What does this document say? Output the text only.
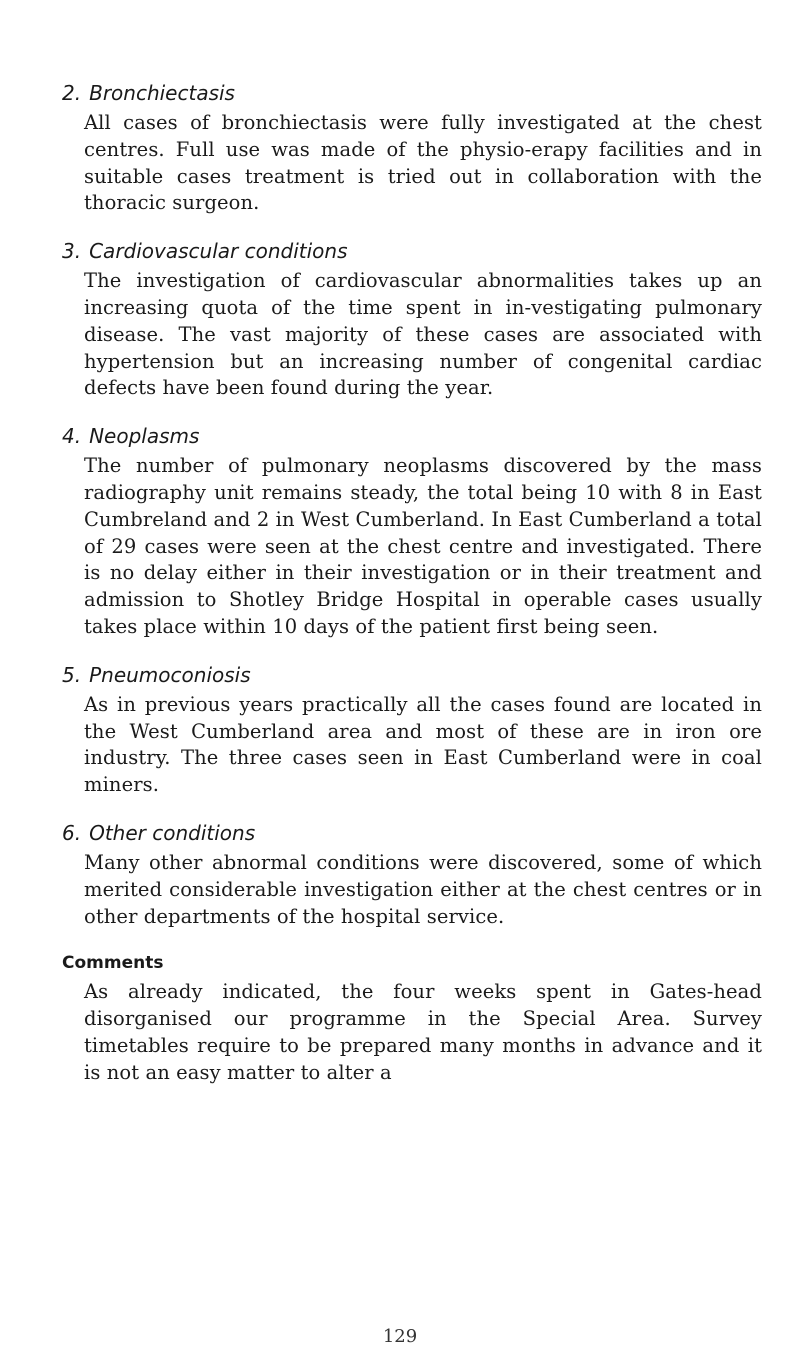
2. Bronchiectasis

All cases of bronchiectasis were fully investigated at the chest centres. Full use was made of the physio-erapy facilities and in suitable cases treatment is tried out in collaboration with the thoracic surgeon.

3. Cardiovascular conditions

The investigation of cardiovascular abnormalities takes up an increasing quota of the time spent in in-vestigating pulmonary disease. The vast majority of these cases are associated with hypertension but an increasing number of congenital cardiac defects have been found during the year.

4. Neoplasms

The number of pulmonary neoplasms discovered by the mass radiography unit remains steady, the total being 10 with 8 in East Cumbreland and 2 in West Cumberland. In East Cumberland a total of 29 cases were seen at the chest centre and investigated. There is no delay either in their investigation or in their treatment and admission to Shotley Bridge Hospital in operable cases usually takes place within 10 days of the patient first being seen.

5. Pneumoconiosis

As in previous years practically all the cases found are located in the West Cumberland area and most of these are in iron ore industry. The three cases seen in East Cumberland were in coal miners.

6. Other conditions

Many other abnormal conditions were discovered, some of which merited considerable investigation either at the chest centres or in other departments of the hospital service.

Comments

As already indicated, the four weeks spent in Gates-head disorganised our programme in the Special Area. Survey timetables require to be prepared many months in advance and it is not an easy matter to alter a

129
